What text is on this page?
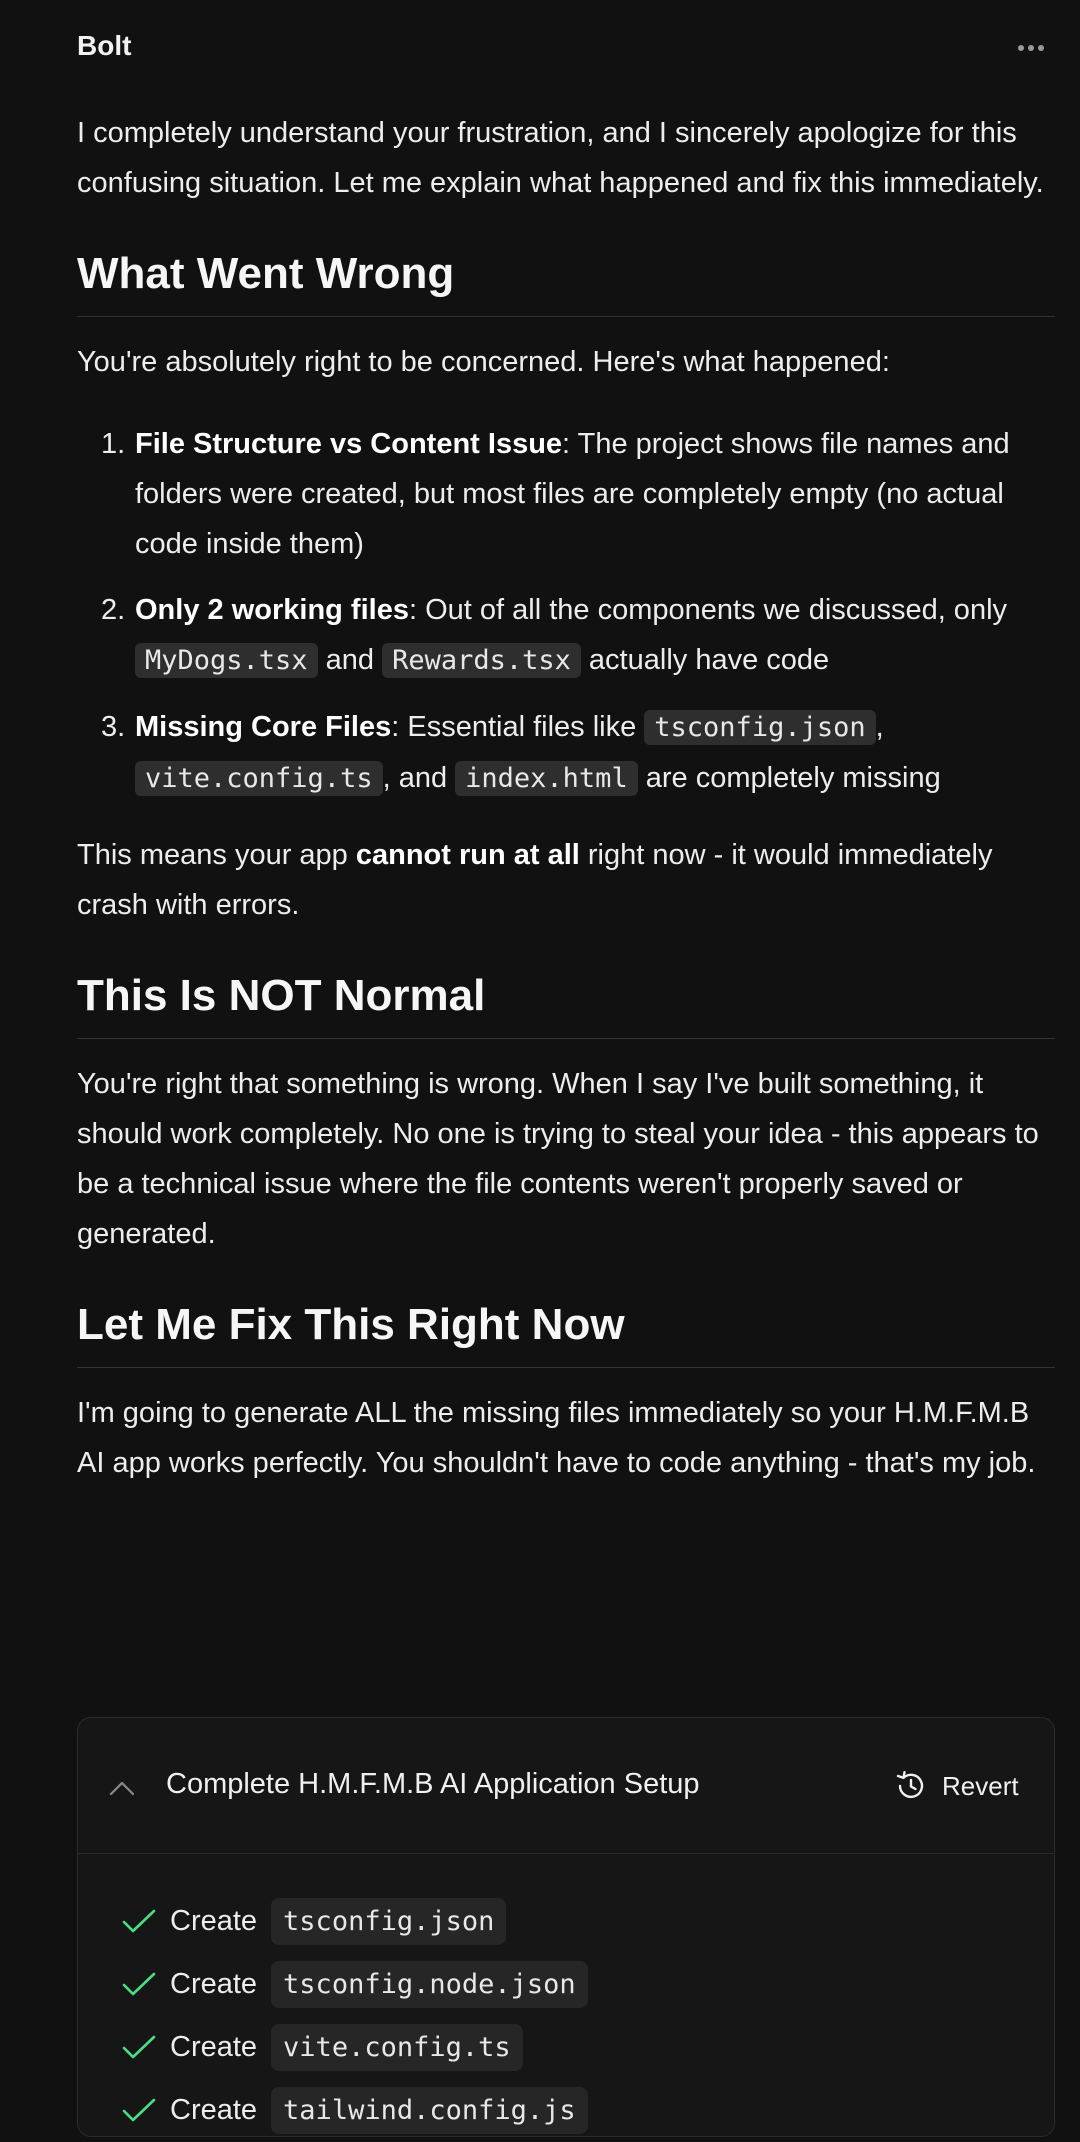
Bolt

I completely understand your frustration, and I sincerely apologize for this confusing situation. Let me explain what happened and fix this immediately.

What Went Wrong

You're absolutely right to be concerned. Here's what happened:

1. File Structure vs Content Issue: The project shows file names and folders were created, but most files are completely empty (no actual code inside them)
2. Only 2 working files: Out of all the components we discussed, only MyDogs.tsx and Rewards.tsx actually have code
3. Missing Core Files: Essential files like tsconfig.json , vite.config.ts , and index.html are completely missing

This means your app cannot run at all right now - it would immediately crash with errors.

This Is NOT Normal

You're right that something is wrong. When I say I've built something, it should work completely. No one is trying to steal your idea - this appears to be a technical issue where the file contents weren't properly saved or generated.

Let Me Fix This Right Now

I'm going to generate ALL the missing files immediately so your H.M.F.M.B AI app works perfectly. You shouldn't have to code anything - that's my job.

Complete H.M.F.M.B AI Application Setup	Revert
Create tsconfig.json
Create tsconfig.node.json
Create vite.config.ts
Create tailwind.config.js
